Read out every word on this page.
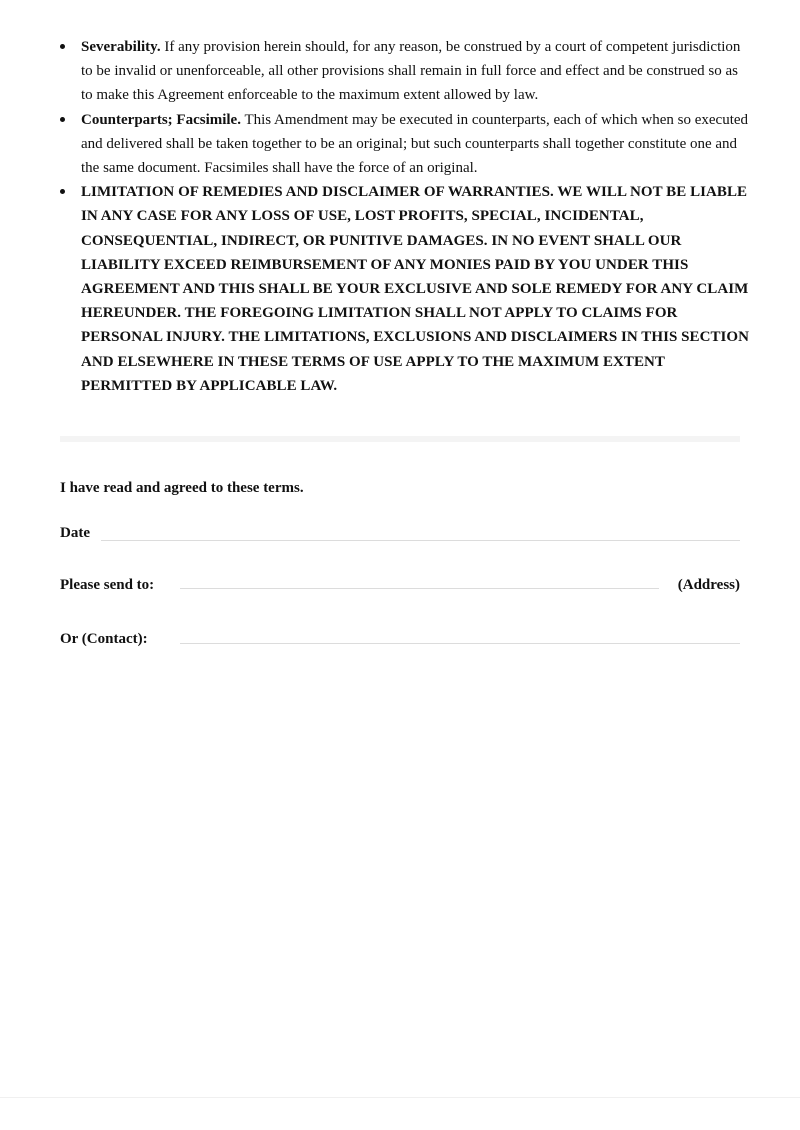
Severability. If any provision herein should, for any reason, be construed by a court of competent jurisdiction to be invalid or unenforceable, all other provisions shall remain in full force and effect and be construed so as to make this Agreement enforceable to the maximum extent allowed by law.
Counterparts; Facsimile. This Amendment may be executed in counterparts, each of which when so executed and delivered shall be taken together to be an original; but such counterparts shall together constitute one and the same document. Facsimiles shall have the force of an original.
LIMITATION OF REMEDIES AND DISCLAIMER OF WARRANTIES. WE WILL NOT BE LIABLE IN ANY CASE FOR ANY LOSS OF USE, LOST PROFITS, SPECIAL, INCIDENTAL, CONSEQUENTIAL, INDIRECT, OR PUNITIVE DAMAGES. IN NO EVENT SHALL OUR LIABILITY EXCEED REIMBURSEMENT OF ANY MONIES PAID BY YOU UNDER THIS AGREEMENT AND THIS SHALL BE YOUR EXCLUSIVE AND SOLE REMEDY FOR ANY CLAIM HEREUNDER. THE FOREGOING LIMITATION SHALL NOT APPLY TO CLAIMS FOR PERSONAL INJURY. THE LIMITATIONS, EXCLUSIONS AND DISCLAIMERS IN THIS SECTION AND ELSEWHERE IN THESE TERMS OF USE APPLY TO THE MAXIMUM EXTENT PERMITTED BY APPLICABLE LAW.
I have read and agreed to these terms.
Date
Please send to:	(Address)
Or (Contact):
